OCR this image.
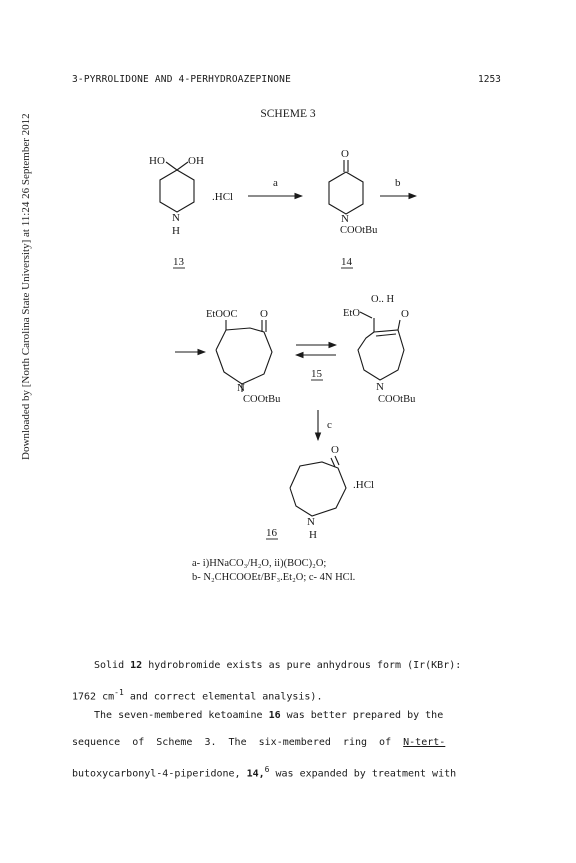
3-PYRROLIDONE AND 4-PERHYDROAZEPINONE	1253
Downloaded by [North Carolina State University] at 11:24 26 September 2012	SCHEME 3
HO OH
N
H
.HCl
13
a
O
N
COOtBu
14
b
EtOOC O
N
COOtBu
15
EtO
O.. H
O
N
COOtBu
c
O
N
H
.HCl
16
a- i)HNaCO₃/H₂O, ii)(BOC)₂O;
b- N₂CHCOOEt/BF₃.Et₂O; c- 4N HCl.

Solid 12 hydrobromide exists as pure anhydrous form (Ir(KBr):

1762 $cm^{-1}$ and correct elemental analysis).

The seven-membered ketoamine 16 was better prepared by the

sequence  of  Scheme  3.  The  six-membered  ring  of  N-tert-

butoxycarbonyl-4-piperidone, 14,$^6$ was expanded by treatment with
